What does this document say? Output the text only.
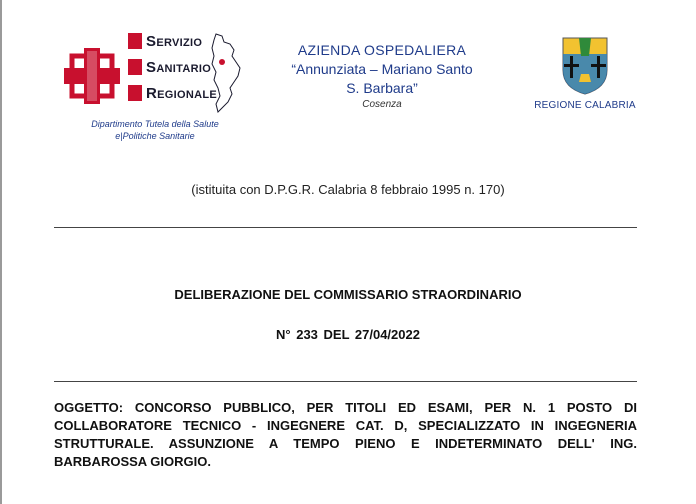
SERVIZIO
SANITARIO
REGIONALE
Dipartimento Tutela della Salute
e|Politiche Sanitarie
AZIENDA OSPEDALIERA
“Annunziata – Mariano Santo
S. Barbara”
Cosenza	REGIONE CALABRIA
(istituita con D.P.G.R. Calabria 8 febbraio 1995 n. 170)
DELIBERAZIONE DEL COMMISSARIO STRAORDINARIO
N° 233 DEL 27/04/2022
OGGETTO: CONCORSO PUBBLICO, PER TITOLI ED ESAMI, PER N. 1 POSTO DI COLLABORATORE TECNICO - INGEGNERE CAT. D, SPECIALIZZATO IN INGEGNERIA STRUTTURALE. ASSUNZIONE A TEMPO PIENO E INDETERMINATO DELL' ING. BARBAROSSA GIORGIO.
